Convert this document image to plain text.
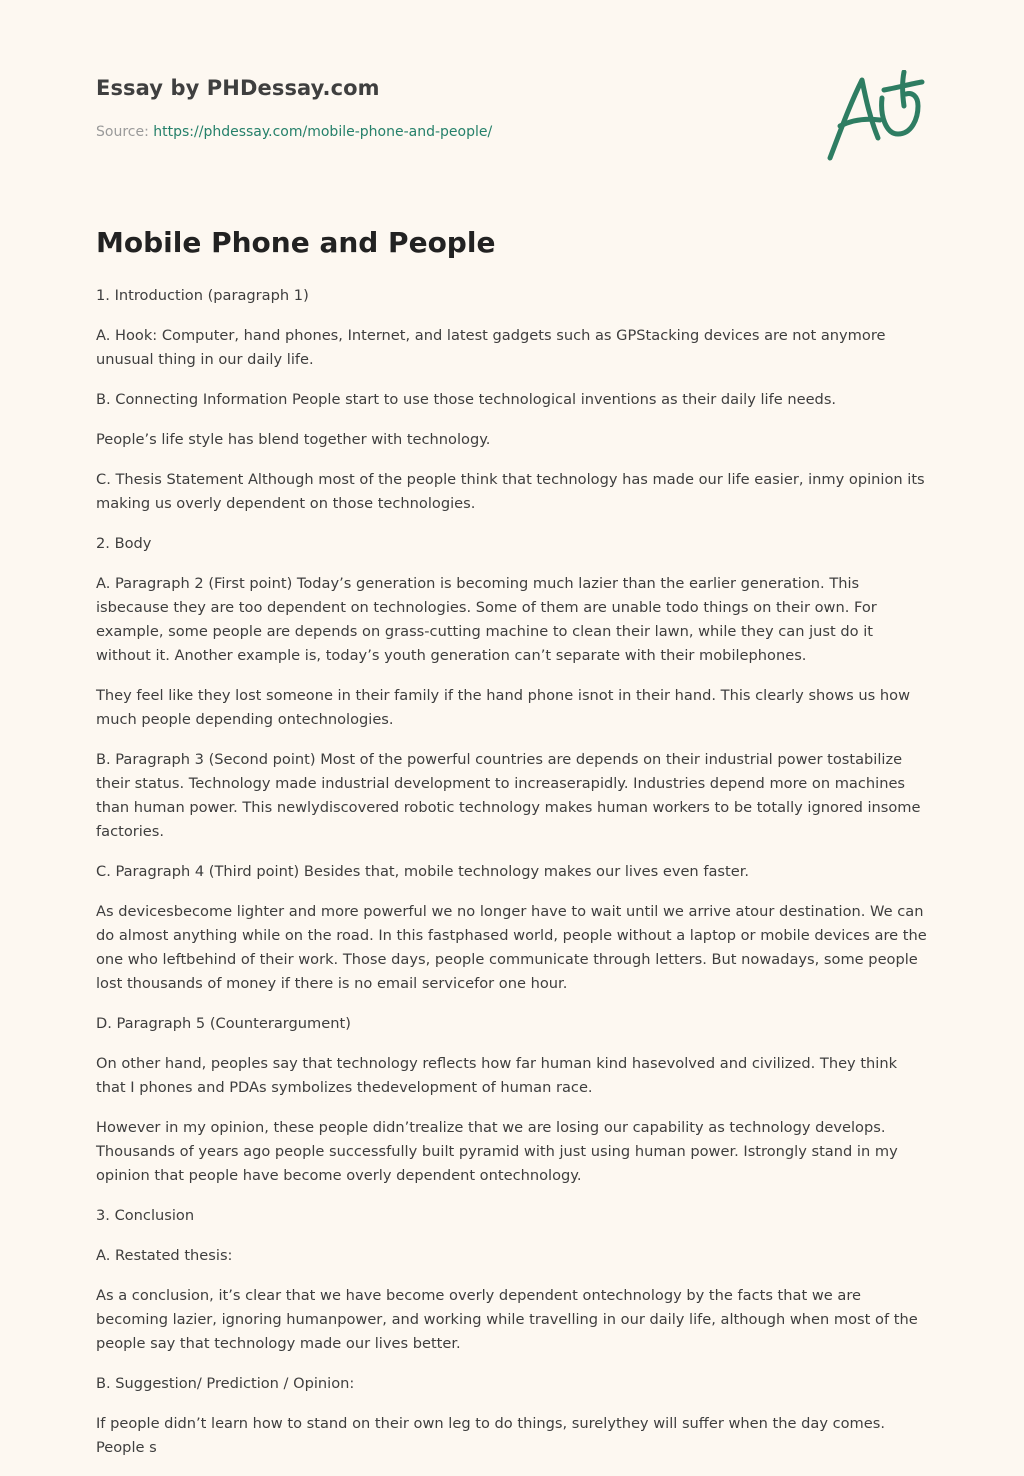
Essay by PHDessay.com
Source: https://phdessay.com/mobile-phone-and-people/
Mobile Phone and People

1. Introduction (paragraph 1)

A. Hook: Computer, hand phones, Internet, and latest gadgets such as GPStacking devices are not anymore unusual thing in our daily life.

B. Connecting Information People start to use those technological inventions as their daily life needs.

People’s life style has blend together with technology.

C. Thesis Statement Although most of the people think that technology has made our life easier, inmy opinion its making us overly dependent on those technologies.

2. Body

A. Paragraph 2 (First point) Today’s generation is becoming much lazier than the earlier generation. This isbecause they are too dependent on technologies. Some of them are unable todo things on their own. For example, some people are depends on grass-cutting machine to clean their lawn, while they can just do it without it. Another example is, today’s youth generation can’t separate with their mobilephones.

They feel like they lost someone in their family if the hand phone isnot in their hand. This clearly shows us how much people depending ontechnologies.

B. Paragraph 3 (Second point) Most of the powerful countries are depends on their industrial power tostabilize their status. Technology made industrial development to increaserapidly. Industries depend more on machines than human power. This newlydiscovered robotic technology makes human workers to be totally ignored insome factories.

C. Paragraph 4 (Third point) Besides that, mobile technology makes our lives even faster.

As devicesbecome lighter and more powerful we no longer have to wait until we arrive atour destination. We can do almost anything while on the road. In this fastphased world, people without a laptop or mobile devices are the one who leftbehind of their work. Those days, people communicate through letters. But nowadays, some people lost thousands of money if there is no email servicefor one hour.

D. Paragraph 5 (Counterargument)

On other hand, peoples say that technology reflects how far human kind hasevolved and civilized. They think that I phones and PDAs symbolizes thedevelopment of human race.

However in my opinion, these people didn’trealize that we are losing our capability as technology develops. Thousands of years ago people successfully built pyramid with just using human power. Istrongly stand in my opinion that people have become overly dependent ontechnology.

3. Conclusion

A. Restated thesis:

As a conclusion, it’s clear that we have become overly dependent ontechnology by the facts that we are becoming lazier, ignoring humanpower, and working while travelling in our daily life, although when most of the people say that technology made our lives better.

B. Suggestion/ Prediction / Opinion:

If people didn’t learn how to stand on their own leg to do things, surelythey will suffer when the day comes. People s
